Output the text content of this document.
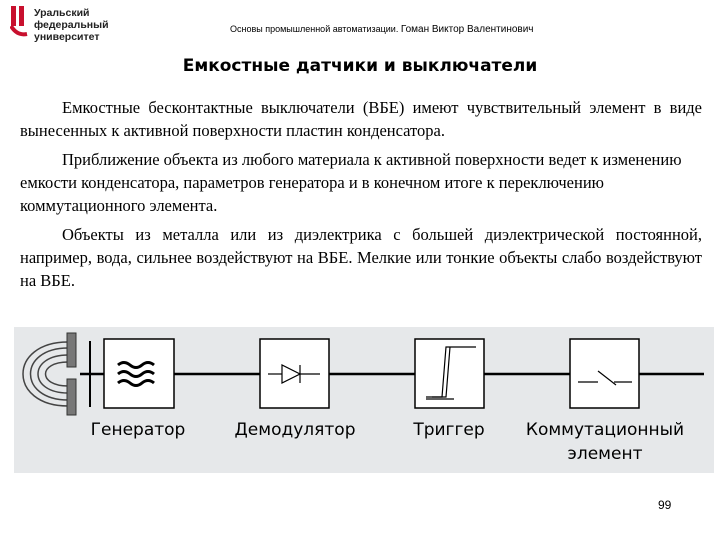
Уральский
федеральный
университет
Основы промышленной автоматизации. Гоман Виктор Валентинович
Емкостные датчики и выключатели

Емкостные бесконтактные выключатели (ВБЕ) имеют чувствительный элемент в виде вынесенных к активной поверхности пластин конденсатора.

Приближение объекта из любого материала к активной поверхности ведет к изменению емкости конденсатора, параметров генератора и в конечном итоге к переключению коммутационного элемента.

Объекты из металла или из диэлектрика с большей диэлектрической постоянной, например, вода, сильнее воздействуют на ВБЕ. Мелкие или тонкие объекты слабо воздействуют на ВБЕ.

Генератор	Демодулятор	Триггер Коммутационный
элемент
99
